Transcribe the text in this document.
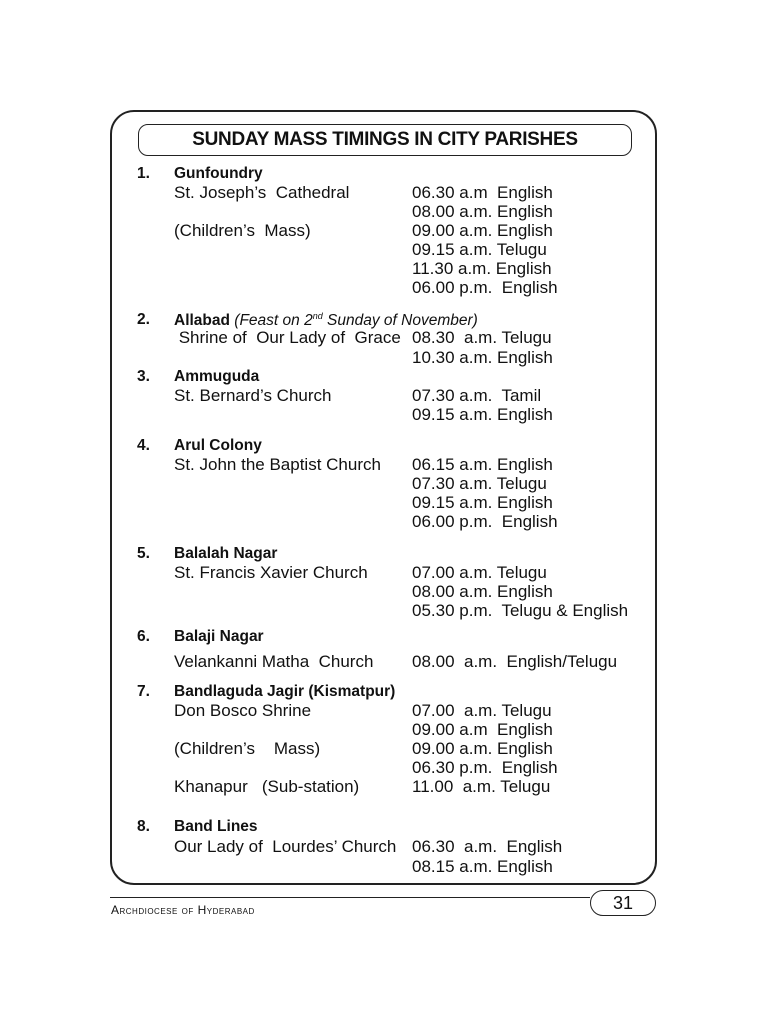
SUNDAY MASS TIMINGS IN CITY PARISHES
1. Gunfoundry
St. Joseph’s  Cathedral	06.30 a.m  English
08.00 a.m. English
(Children’s  Mass)	09.00 a.m. English
09.15 a.m. Telugu
11.30 a.m. English
06.00 p.m.  English
2. Allabad (Feast on 2nd Sunday of November)
Shrine of  Our Lady of  Grace 08.30  a.m. Telugu
10.30 a.m. English
3. Ammuguda
St. Bernard’s Church	07.30 a.m.  Tamil
09.15 a.m. English
4. Arul Colony
St. John the Baptist Church 06.15 a.m. English
07.30 a.m. Telugu
09.15 a.m. English
06.00 p.m.  English
5. Balalah Nagar
St. Francis Xavier Church	07.00 a.m. Telugu
08.00 a.m. English
05.30 p.m.  Telugu & English
6. Balaji Nagar
Velankanni Matha  Church 08.00  a.m.  English/Telugu
7. Bandlaguda Jagir (Kismatpur)
Don Bosco Shrine	07.00  a.m. Telugu
09.00 a.m  English
(Children’s    Mass)	09.00 a.m. English
06.30 p.m.  English
Khanapur   (Sub-station)	11.00  a.m. Telugu
8. Band Lines
Our Lady of  Lourdes’ Church 06.30  a.m.  English
08.15 a.m. English
Archdiocese of Hyderabad	31
